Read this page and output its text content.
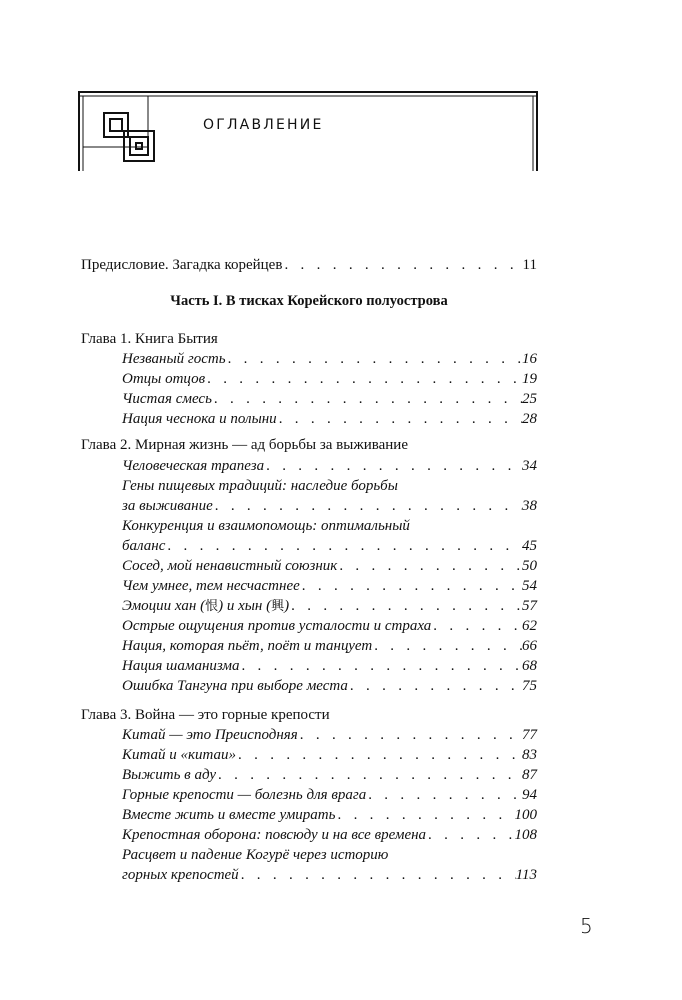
ОГЛАВЛЕНИЕ
Предисловие. Загадка корейцев . . .	11
Часть I. В тисках Корейского полуострова
Глава 1. Книга Бытия
Незваный гость . . .	16
Отцы отцов . . .	19
Чистая смесь . . .	25
Нация чеснока и полыни . . .	28
Глава 2. Мирная жизнь — ад борьбы за выживание
Человеческая трапеза . . .	34
Гены пищевых традиций: наследие борьбы
за выживание . . .	38
Конкуренция и взаимопомощь: оптимальный
баланс . . .	45
Сосед, мой ненавистный союзник . . .	50
Чем умнее, тем несчастнее . . .	54
Эмоции хан (恨) и хын (興) . . .	57
Острые ощущения против усталости и страха . . .	62
Нация, которая пьёт, поёт и танцует . . .	66
Нация шаманизма . . .	68
Ошибка Тангуна при выборе места . . .	75
Глава 3. Война — это горные крепости
Китай — это Преисподняя . . .	77
Китай и «китаи» . . .	83
Выжить в аду . . .	87
Горные крепости — болезнь для врага . . .	94
Вместе жить и вместе умирать . . .	100
Крепостная оборона: повсюду и на все времена . . .	108
Расцвет и падение Когурё через историю
горных крепостей . . .	113
5
